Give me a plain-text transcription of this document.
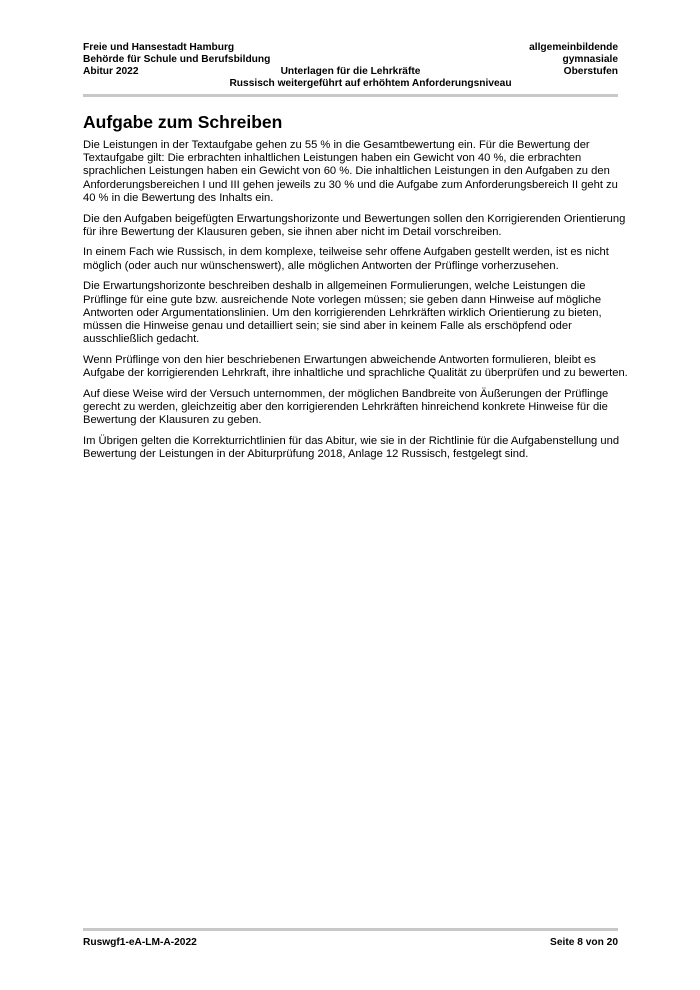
Freie und Hansestadt Hamburg	allgemeinbildende
Behörde für Schule und Berufsbildung	gymnasiale
Abitur 2022	Unterlagen für die Lehrkräfte	Oberstufen
Russisch weitergeführt auf erhöhtem Anforderungsniveau
Aufgabe zum Schreiben

Die Leistungen in der Textaufgabe gehen zu 55 % in die Gesamtbewertung ein. Für die Bewertung der Textaufgabe gilt: Die erbrachten inhaltlichen Leistungen haben ein Gewicht von 40 %, die erbrachten sprachlichen Leistungen haben ein Gewicht von 60 %. Die inhaltlichen Leistungen in den Aufgaben zu den Anforderungsbereichen I und III gehen jeweils zu 30 % und die Aufgabe zum Anforderungsbereich II geht zu 40 % in die Bewertung des Inhalts ein.

Die den Aufgaben beigefügten Erwartungshorizonte und Bewertungen sollen den Korrigierenden Orientierung für ihre Bewertung der Klausuren geben, sie ihnen aber nicht im Detail vorschreiben.

In einem Fach wie Russisch, in dem komplexe, teilweise sehr offene Aufgaben gestellt werden, ist es nicht möglich (oder auch nur wünschenswert), alle möglichen Antworten der Prüflinge vorherzusehen.

Die Erwartungshorizonte beschreiben deshalb in allgemeinen Formulierungen, welche Leistungen die Prüflinge für eine gute bzw. ausreichende Note vorlegen müssen; sie geben dann Hinweise auf mögliche Antworten oder Argumentationslinien. Um den korrigierenden Lehrkräften wirklich Orientierung zu bieten, müssen die Hinweise genau und detailliert sein; sie sind aber in keinem Falle als erschöpfend oder ausschließlich gedacht.

Wenn Prüflinge von den hier beschriebenen Erwartungen abweichende Antworten formulieren, bleibt es Aufgabe der korrigierenden Lehrkraft, ihre inhaltliche und sprachliche Qualität zu überprüfen und zu bewerten.

Auf diese Weise wird der Versuch unternommen, der möglichen Bandbreite von Äußerungen der Prüflinge gerecht zu werden, gleichzeitig aber den korrigierenden Lehrkräften hinreichend konkrete Hinweise für die Bewertung der Klausuren zu geben.

Im Übrigen gelten die Korrekturrichtlinien für das Abitur, wie sie in der Richtlinie für die Aufgabenstellung und Bewertung der Leistungen in der Abiturprüfung 2018, Anlage 12 Russisch, festgelegt sind.

Ruswgf1-eA-LM-A-2022	Seite 8 von 20
